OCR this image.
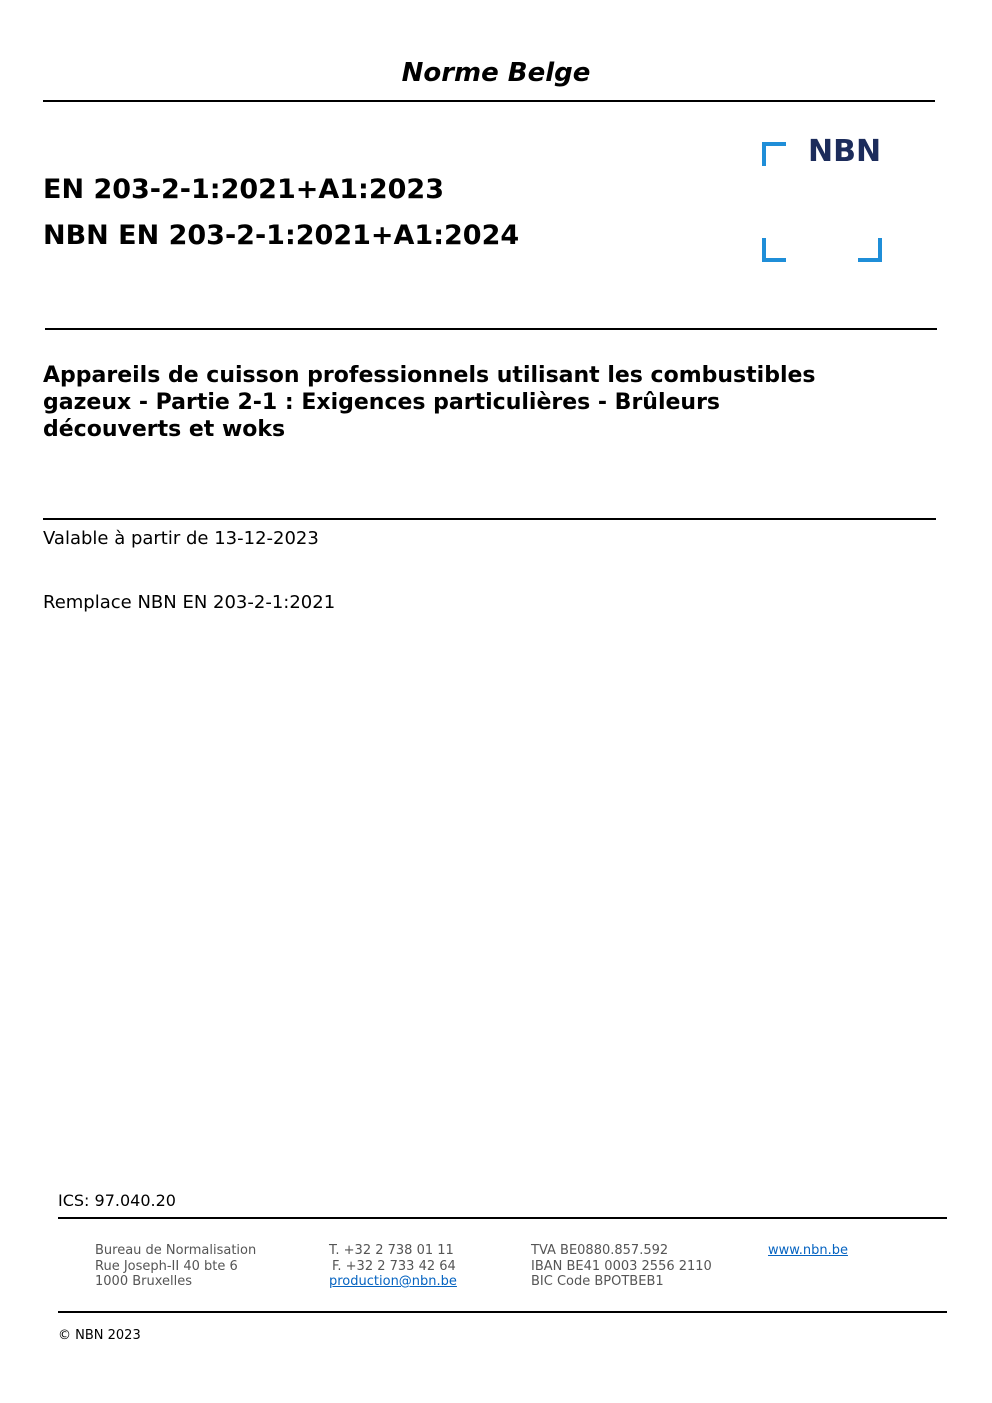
Norme Belge
NBN
EN 203-2-1:2021+A1:2023
NBN EN 203-2-1:2021+A1:2024
Appareils de cuisson professionnels utilisant les combustibles
gazeux - Partie 2-1 : Exigences particulières - Brûleurs
découverts et woks
Valable à partir de 13-12-2023
Remplace NBN EN 203-2-1:2021
ICS: 97.040.20
Bureau de Normalisation
Rue Joseph-II 40 bte 6
1000 Bruxelles
T. +32 2 738 01 11
F. +32 2 733 42 64
production@nbn.be
TVA BE0880.857.592
IBAN BE41 0003 2556 2110
BIC Code BPOTBEB1
www.nbn.be
© NBN 2023
